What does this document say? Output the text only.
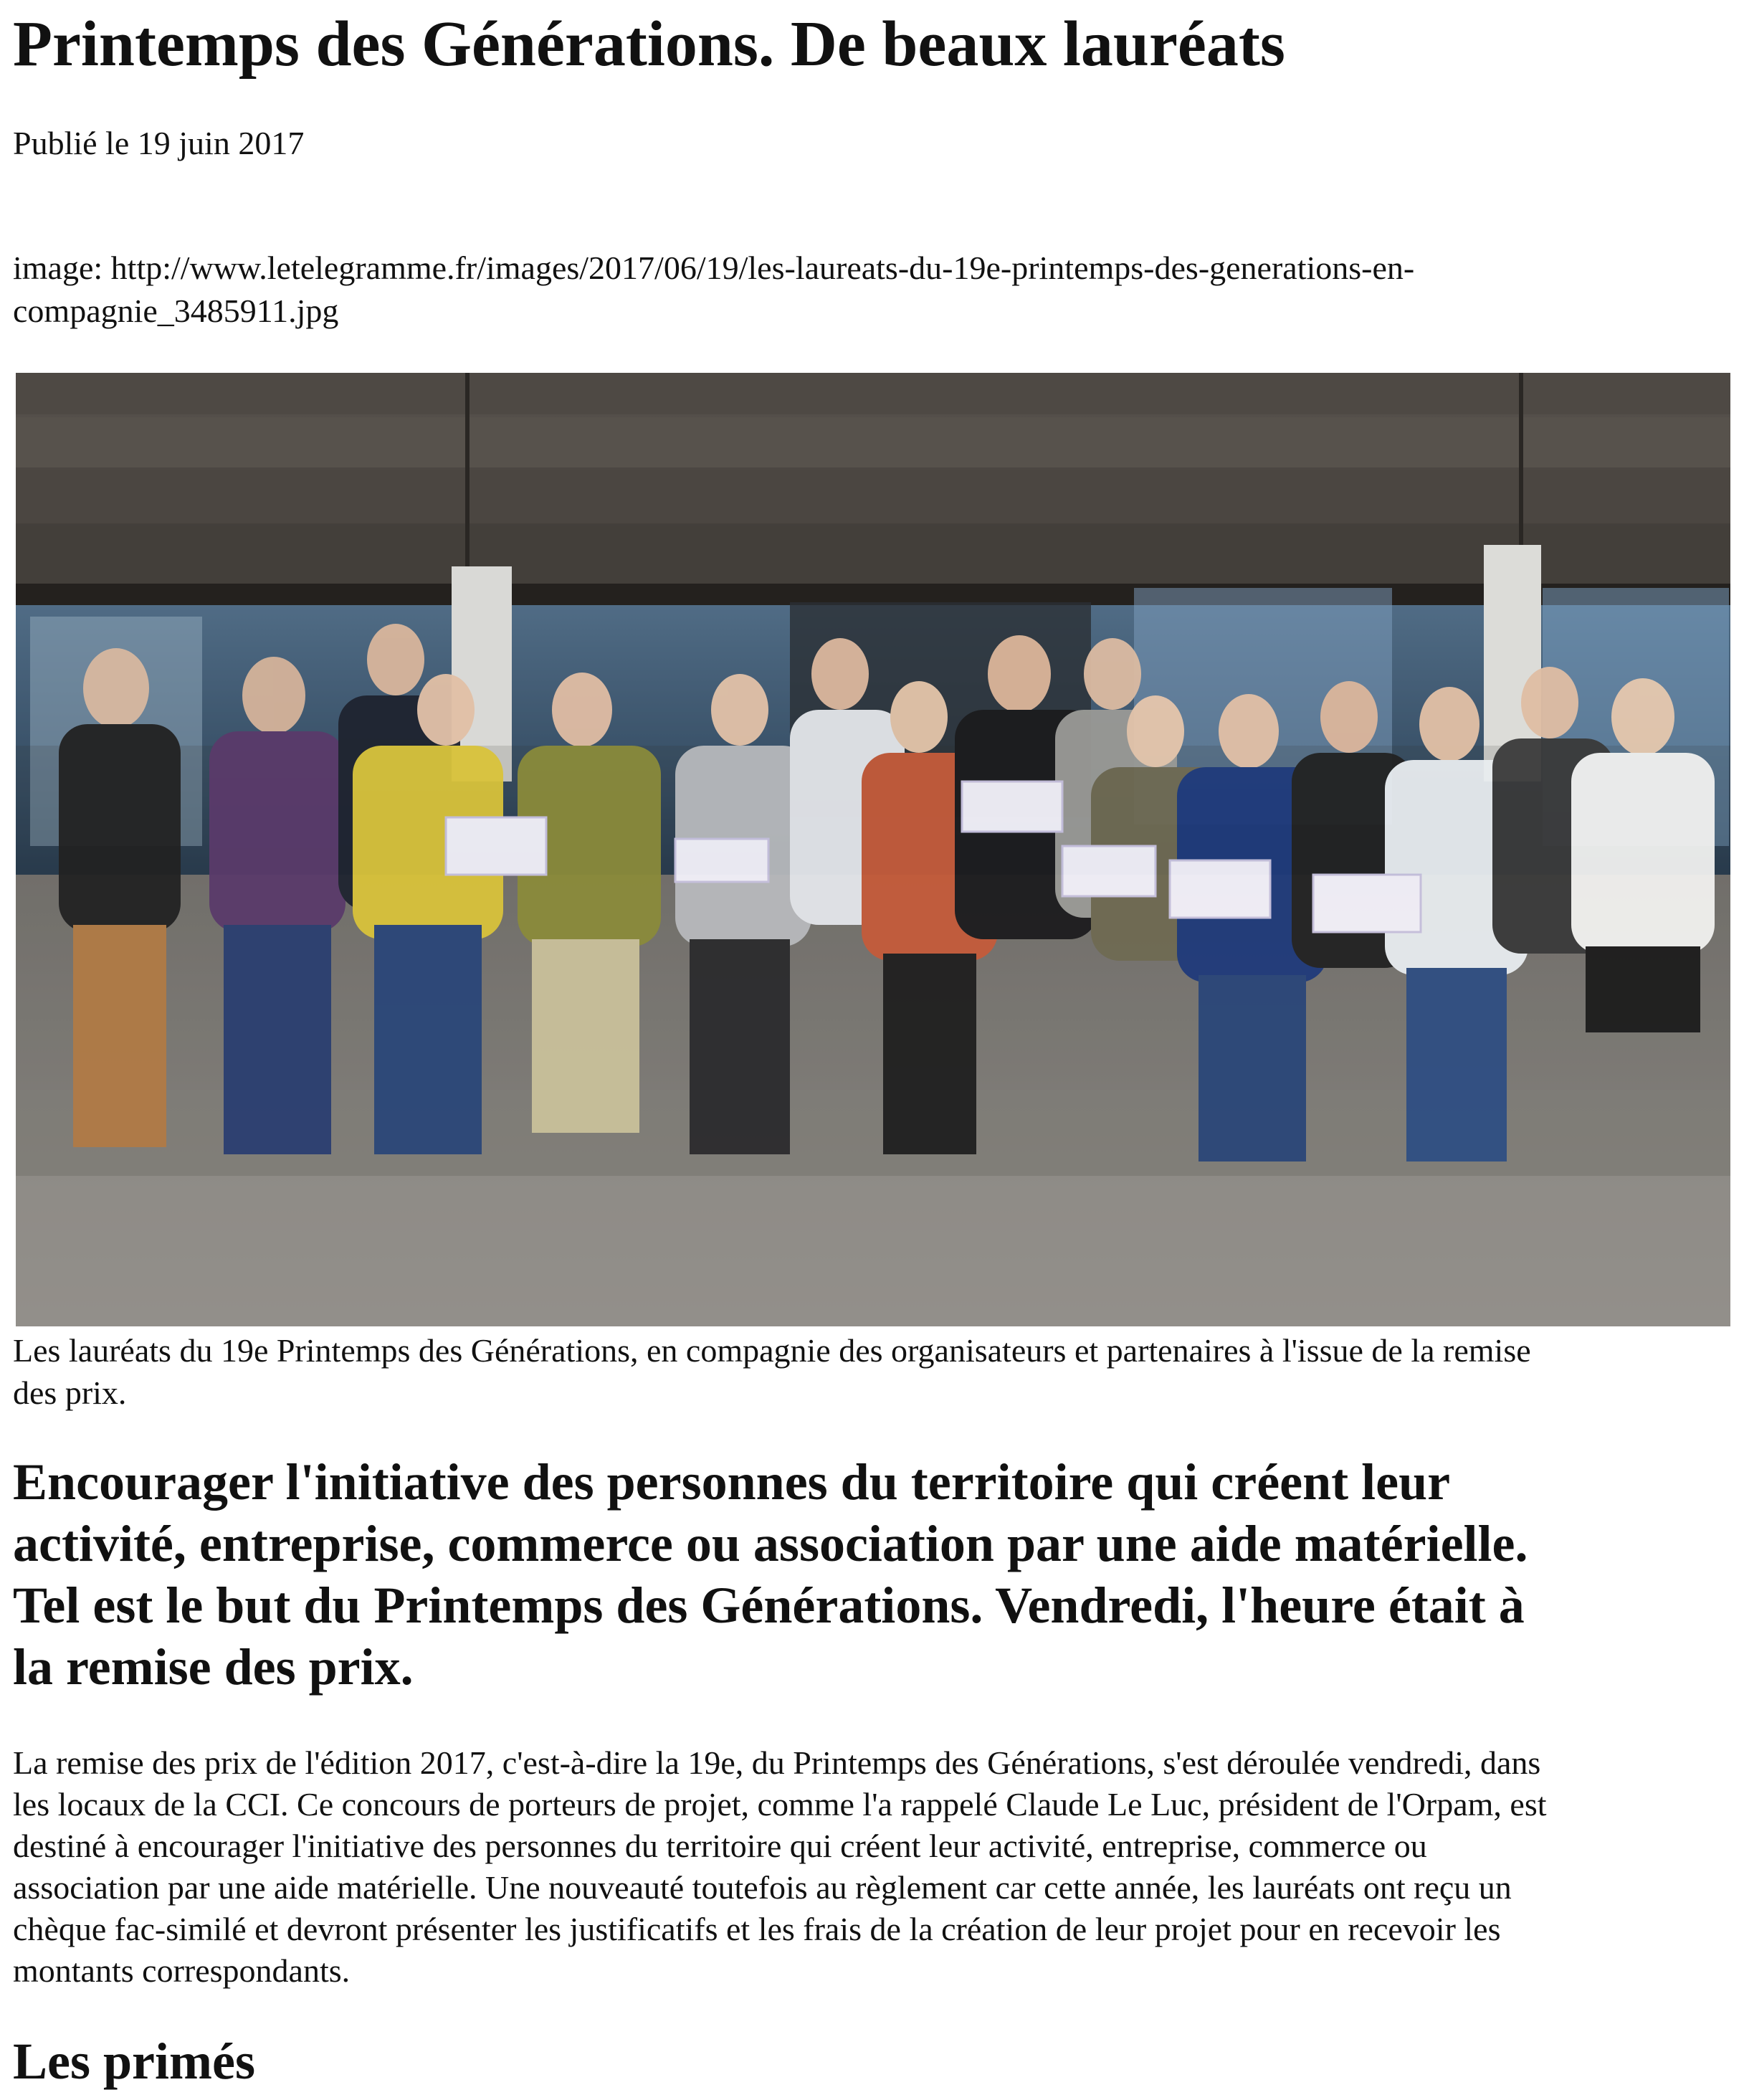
Printemps des Générations. De beaux lauréats

Publié le 19 juin 2017

image: http://www.letelegramme.fr/images/2017/06/19/les-laureats-du-19e-printemps-des-generations-en-compagnie_3485911.jpg

Les lauréats du 19e Printemps des Générations, en compagnie des organisateurs et partenaires à l'issue de la remise des prix.

Encourager l'initiative des personnes du territoire qui créent leur activité, entreprise, commerce ou association par une aide matérielle. Tel est le but du Printemps des Générations. Vendredi, l'heure était à la remise des prix.

La remise des prix de l'édition 2017, c'est-à-dire la 19e, du Printemps des Générations, s'est déroulée vendredi, dans les locaux de la CCI. Ce concours de porteurs de projet, comme l'a rappelé Claude Le Luc, président de l'Orpam, est destiné à encourager l'initiative des personnes du territoire qui créent leur activité, entreprise, commerce ou association par une aide matérielle. Une nouveauté toutefois au règlement car cette année, les lauréats ont reçu un chèque fac-similé et devront présenter les justificatifs et les frais de la création de leur projet pour en recevoir les montants correspondants.

Les primés
